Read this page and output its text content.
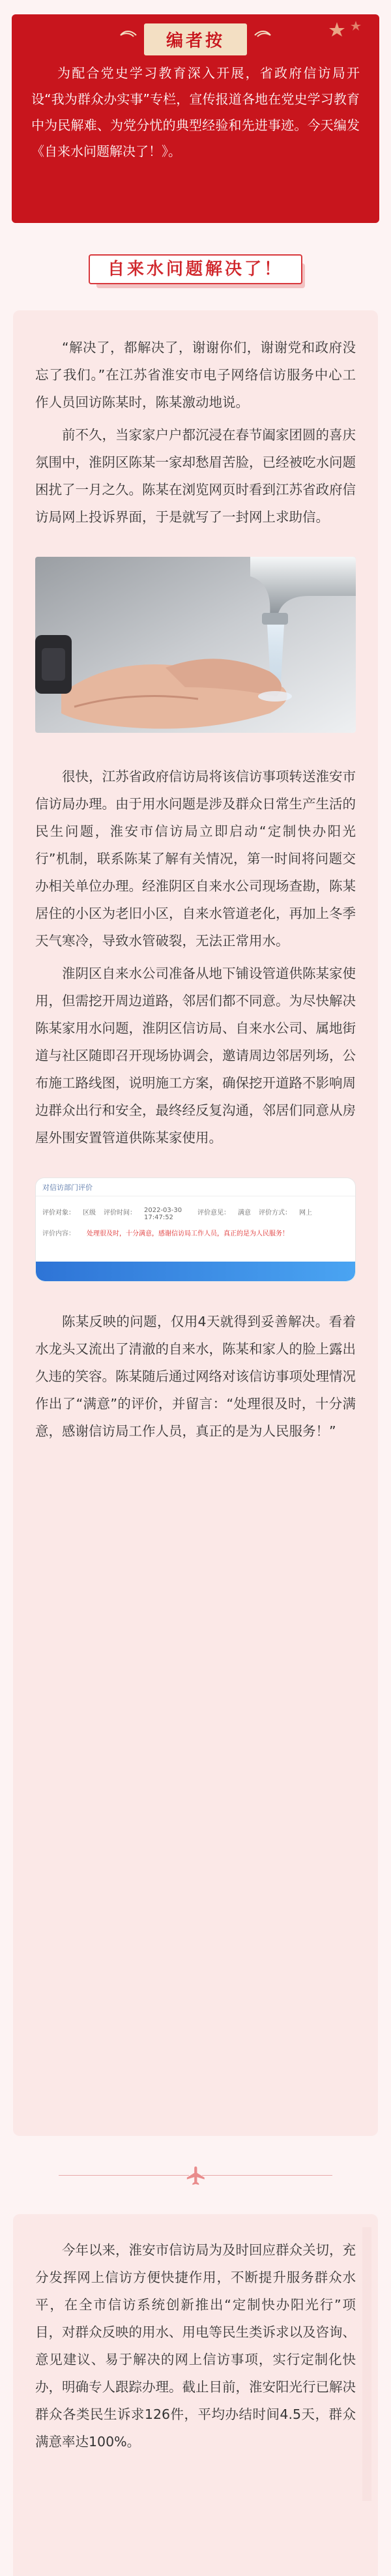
编者按

为配合党史学习教育深入开展，省政府信访局开设“我为群众办实事”专栏，宣传报道各地在党史学习教育中为民解难、为党分忧的典型经验和先进事迹。今天编发《自来水问题解决了！》。

自来水问题解决了！

“解决了，都解决了，谢谢你们，谢谢党和政府没忘了我们。”在江苏省淮安市电子网络信访服务中心工作人员回访陈某时，陈某激动地说。

前不久，当家家户户都沉浸在春节阖家团圆的喜庆氛围中，淮阴区陈某一家却愁眉苦脸，已经被吃水问题困扰了一月之久。陈某在浏览网页时看到江苏省政府信访局网上投诉界面，于是就写了一封网上求助信。

很快，江苏省政府信访局将该信访事项转送淮安市信访局办理。由于用水问题是涉及群众日常生产生活的民生问题，淮安市信访局立即启动“定制快办阳光行”机制，联系陈某了解有关情况，第一时间将问题交办相关单位办理。经淮阴区自来水公司现场查勘，陈某居住的小区为老旧小区，自来水管道老化，再加上冬季天气寒冷，导致水管破裂，无法正常用水。

淮阴区自来水公司准备从地下铺设管道供陈某家使用，但需挖开周边道路，邻居们都不同意。为尽快解决陈某家用水问题，淮阴区信访局、自来水公司、属地街道与社区随即召开现场协调会，邀请周边邻居列场，公布施工路线图，说明施工方案，确保挖开道路不影响周边群众出行和安全，最终经反复沟通，邻居们同意从房屋外围安置管道供陈某家使用。

对信访部门评价
评价对象： 区级 评价时间： 2022-03-30 17:47:52
评价意见： 满意 评价方式： 网上
评价内容： 处理很及时，十分满意，感谢信访局工作人员，真正的是为人民服务！

陈某反映的问题，仅用4天就得到妥善解决。看着水龙头又流出了清澈的自来水，陈某和家人的脸上露出久违的笑容。陈某随后通过网络对该信访事项处理情况作出了“满意”的评价，并留言：“处理很及时，十分满意，感谢信访局工作人员，真正的是为人民服务！”

今年以来，淮安市信访局为及时回应群众关切，充分发挥网上信访方便快捷作用，不断提升服务群众水平，在全市信访系统创新推出“定制快办阳光行”项目，对群众反映的用水、用电等民生类诉求以及咨询、意见建议、易于解决的网上信访事项，实行定制化快办，明确专人跟踪办理。截止目前，淮安阳光行已解决群众各类民生诉求126件，平均办结时间4.5天，群众满意率达100%。
